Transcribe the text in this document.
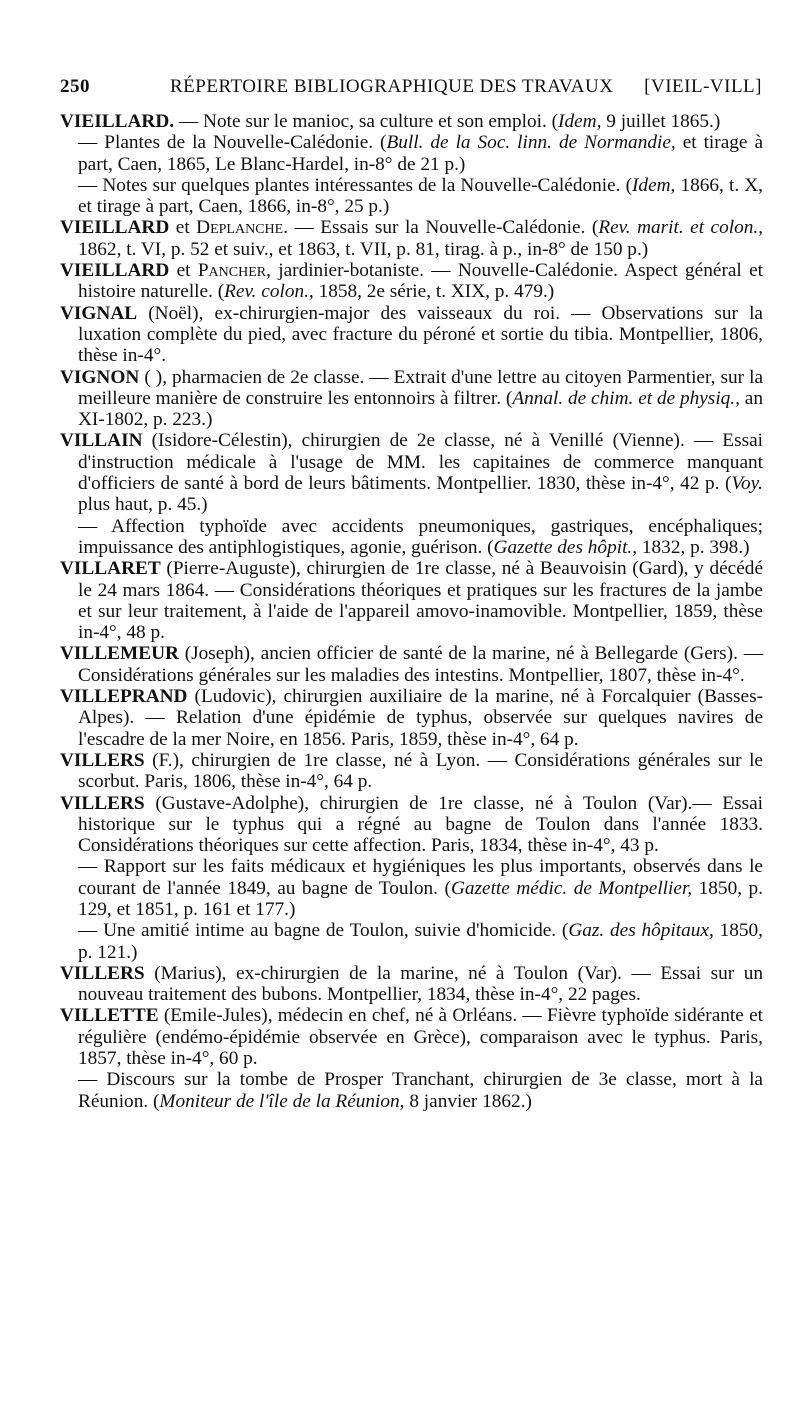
250	RÉPERTOIRE BIBLIOGRAPHIQUE DES TRAVAUX [VIEIL-VILL]
VIEILLARD. — Note sur le manioc, sa culture et son emploi. (Idem, 9 juillet 1865.)
— Plantes de la Nouvelle-Calédonie. (Bull. de la Soc. linn. de Normandie, et tirage à part, Caen, 1865, Le Blanc-Hardel, in-8° de 21 p.)
— Notes sur quelques plantes intéressantes de la Nouvelle-Calédonie. (Idem, 1866, t. X, et tirage à part, Caen, 1866, in-8°, 25 p.)
VIEILLARD et Deplanche. — Essais sur la Nouvelle-Calédonie. (Rev. marit. et colon., 1862, t. VI, p. 52 et suiv., et 1863, t. VII, p. 81, tirag. à p., in-8° de 150 p.)
VIEILLARD et Pancher, jardinier-botaniste. — Nouvelle-Calédonie. Aspect général et histoire naturelle. (Rev. colon., 1858, 2e série, t. XIX, p. 479.)
VIGNAL (Noël), ex-chirurgien-major des vaisseaux du roi. — Observations sur la luxation complète du pied, avec fracture du péroné et sortie du tibia. Montpellier, 1806, thèse in-4°.
VIGNON ( ), pharmacien de 2e classe. — Extrait d'une lettre au citoyen Parmentier, sur la meilleure manière de construire les entonnoirs à filtrer. (Annal. de chim. et de physiq., an XI-1802, p. 223.)
VILLAIN (Isidore-Célestin), chirurgien de 2e classe, né à Venillé (Vienne). — Essai d'instruction médicale à l'usage de MM. les capitaines de commerce manquant d'officiers de santé à bord de leurs bâtiments. Montpellier. 1830, thèse in-4°, 42 p. (Voy. plus haut, p. 45.)
— Affection typhoïde avec accidents pneumoniques, gastriques, encéphaliques; impuissance des antiphlogistiques, agonie, guérison. (Gazette des hôpit., 1832, p. 398.)
VILLARET (Pierre-Auguste), chirurgien de 1re classe, né à Beauvoisin (Gard), y décédé le 24 mars 1864. — Considérations théoriques et pratiques sur les fractures de la jambe et sur leur traitement, à l'aide de l'appareil amovo-inamovible. Montpellier, 1859, thèse in-4°, 48 p.
VILLEMEUR (Joseph), ancien officier de santé de la marine, né à Bellegarde (Gers). — Considérations générales sur les maladies des intestins. Montpellier, 1807, thèse in-4°.
VILLEPRAND (Ludovic), chirurgien auxiliaire de la marine, né à Forcalquier (Basses-Alpes). — Relation d'une épidémie de typhus, observée sur quelques navires de l'escadre de la mer Noire, en 1856. Paris, 1859, thèse in-4°, 64 p.
VILLERS (F.), chirurgien de 1re classe, né à Lyon. — Considérations générales sur le scorbut. Paris, 1806, thèse in-4°, 64 p.
VILLERS (Gustave-Adolphe), chirurgien de 1re classe, né à Toulon (Var).— Essai historique sur le typhus qui a régné au bagne de Toulon dans l'année 1833. Considérations théoriques sur cette affection. Paris, 1834, thèse in-4°, 43 p.
— Rapport sur les faits médicaux et hygiéniques les plus importants, observés dans le courant de l'année 1849, au bagne de Toulon. (Gazette médic. de Montpellier, 1850, p. 129, et 1851, p. 161 et 177.)
— Une amitié intime au bagne de Toulon, suivie d'homicide. (Gaz. des hôpitaux, 1850, p. 121.)
VILLERS (Marius), ex-chirurgien de la marine, né à Toulon (Var). — Essai sur un nouveau traitement des bubons. Montpellier, 1834, thèse in-4°, 22 pages.
VILLETTE (Emile-Jules), médecin en chef, né à Orléans. — Fièvre typhoïde sidérante et régulière (endémo-épidémie observée en Grèce), comparaison avec le typhus. Paris, 1857, thèse in-4°, 60 p.
— Discours sur la tombe de Prosper Tranchant, chirurgien de 3e classe, mort à la Réunion. (Moniteur de l'île de la Réunion, 8 janvier 1862.)
